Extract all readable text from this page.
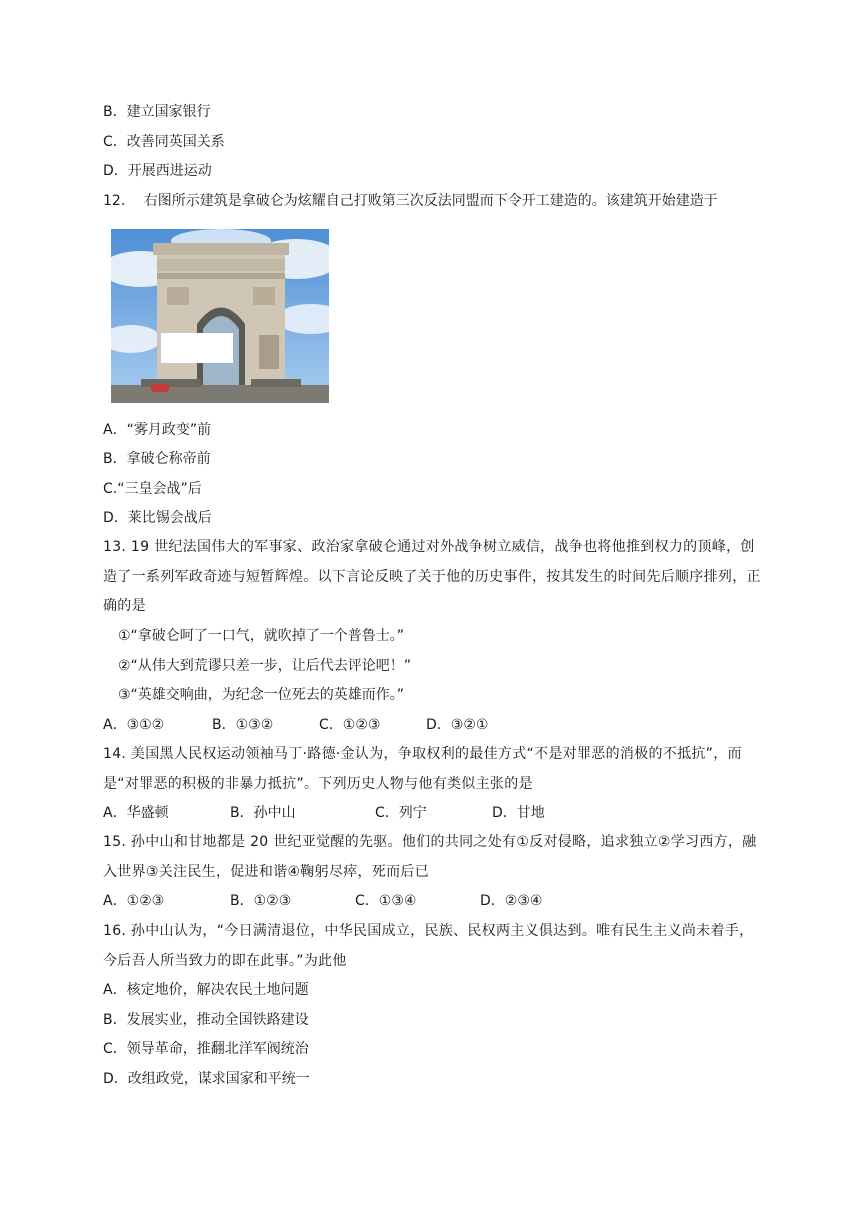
B．建立国家银行
C．改善同英国关系
D．开展西进运动
12.　 右图所示建筑是拿破仑为炫耀自己打败第三次反法同盟而下令开工建造的。该建筑开始建造于
A．“雾月政变”前
B．拿破仑称帝前
C.“三皇会战”后
D．莱比锡会战后
13. 19 世纪法国伟大的军事家、政治家拿破仑通过对外战争树立威信，战争也将他推到权力的顶峰，创造了一系列军政奇迹与短暂辉煌。以下言论反映了关于他的历史事件，按其发生的时间先后顺序排列，正确的是
①“拿破仑呵了一口气，就吹掉了一个普鲁士。”
②“从伟大到荒谬只差一步，让后代去评论吧！”
③“英雄交响曲，为纪念一位死去的英雄而作。”
A．③①②	B．①③②	C．①②③	D．③②①
14. 美国黑人民权运动领袖马丁·路德·金认为，争取权利的最佳方式“不是对罪恶的消极的不抵抗”，而是“对罪恶的积极的非暴力抵抗”。下列历史人物与他有类似主张的是
A．华盛顿	B．孙中山	C．列宁	D．甘地
15. 孙中山和甘地都是 20 世纪亚觉醒的先驱。他们的共同之处有①反对侵略，追求独立②学习西方，融入世界③关注民生，促进和谐④鞠躬尽瘁，死而后已
A．①②③	B．①②③	C．①③④	D．②③④
16. 孙中山认为，“今日满清退位，中华民国成立，民族、民权两主义俱达到。唯有民生主义尚未着手，今后吾人所当致力的即在此事。”为此他
A．核定地价，解决农民土地问题
B．发展实业，推动全国铁路建设
C．领导革命，推翻北洋军阀统治
D．改组政党，谋求国家和平统一
